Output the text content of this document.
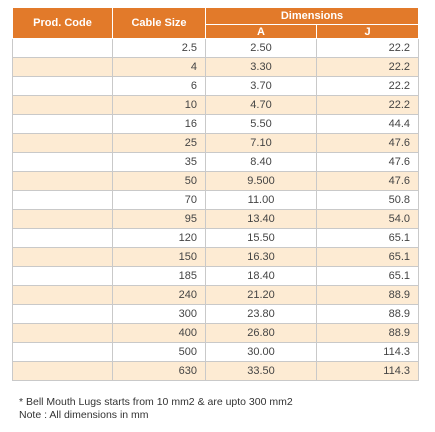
Prod. Code	Cable Size	Dimensions	
		A	J
	2.5	2.50	22.2
	4	3.30	22.2
	6	3.70	22.2
	10	4.70	22.2
	16	5.50	44.4
	25	7.10	47.6
	35	8.40	47.6
	50	9.500	47.6
	70	11.00	50.8
	95	13.40	54.0
	120	15.50	65.1
	150	16.30	65.1
	185	18.40	65.1
	240	21.20	88.9
	300	23.80	88.9
	400	26.80	88.9
	500	30.00	114.3
	630	33.50	114.3
* Bell Mouth Lugs starts from 10 mm2 & are upto 300 mm2
Note : All dimensions in mm
